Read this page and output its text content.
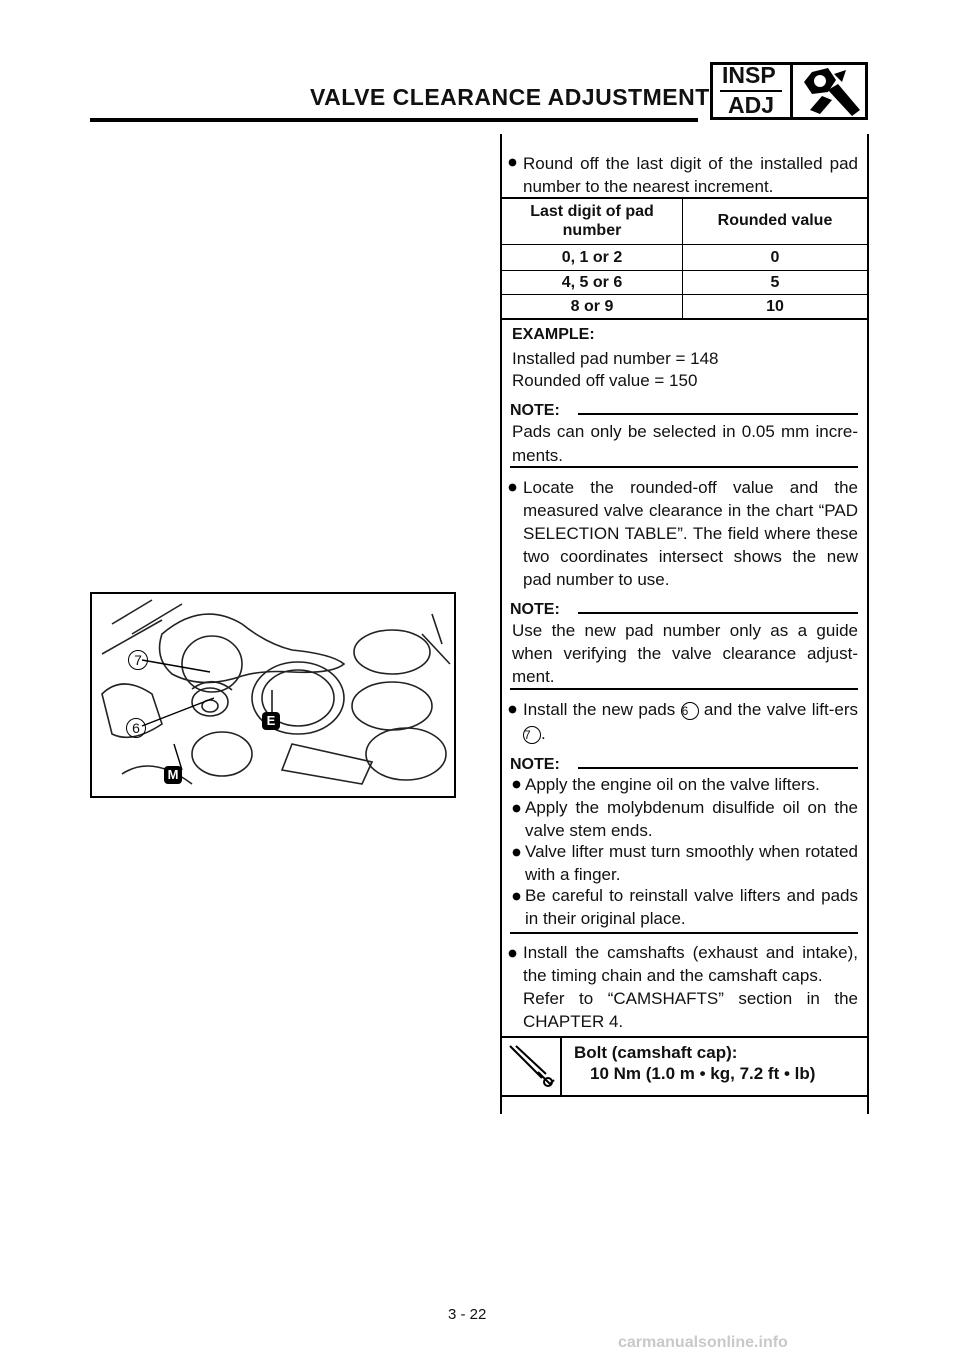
VALVE CLEARANCE ADJUSTMENT
INSP
ADJ
Round off the last digit of the installed pad number to the nearest increment.
Last digit of pad number
Rounded value
0, 1 or 2	0
4, 5 or 6	5
8 or 9	10
EXAMPLE:
Installed pad number = 148
Rounded off value = 150
NOTE:
Pads can only be selected in 0.05 mm incre-ments.
Locate the rounded-off value and the measured valve clearance in the chart “PAD SELECTION TABLE”. The field where these two coordinates intersect shows the new pad number to use.
7
6	E
M
NOTE:
Use the new pad number only as a guide when verifying the valve clearance adjust-ment.
Install the new pads 6 and the valve lift-ers 7 .
NOTE:
Apply the engine oil on the valve lifters.
Apply the molybdenum disulfide oil on the valve stem ends.
Valve lifter must turn smoothly when rotated with a finger.
Be careful to reinstall valve lifters and pads in their original place.
Install the camshafts (exhaust and intake), the timing chain and the camshaft caps.
Refer to “CAMSHAFTS” section in the CHAPTER 4.
Bolt (camshaft cap):
10 Nm (1.0 m • kg, 7.2 ft • lb)
3 - 22
carmanualsonline.info
